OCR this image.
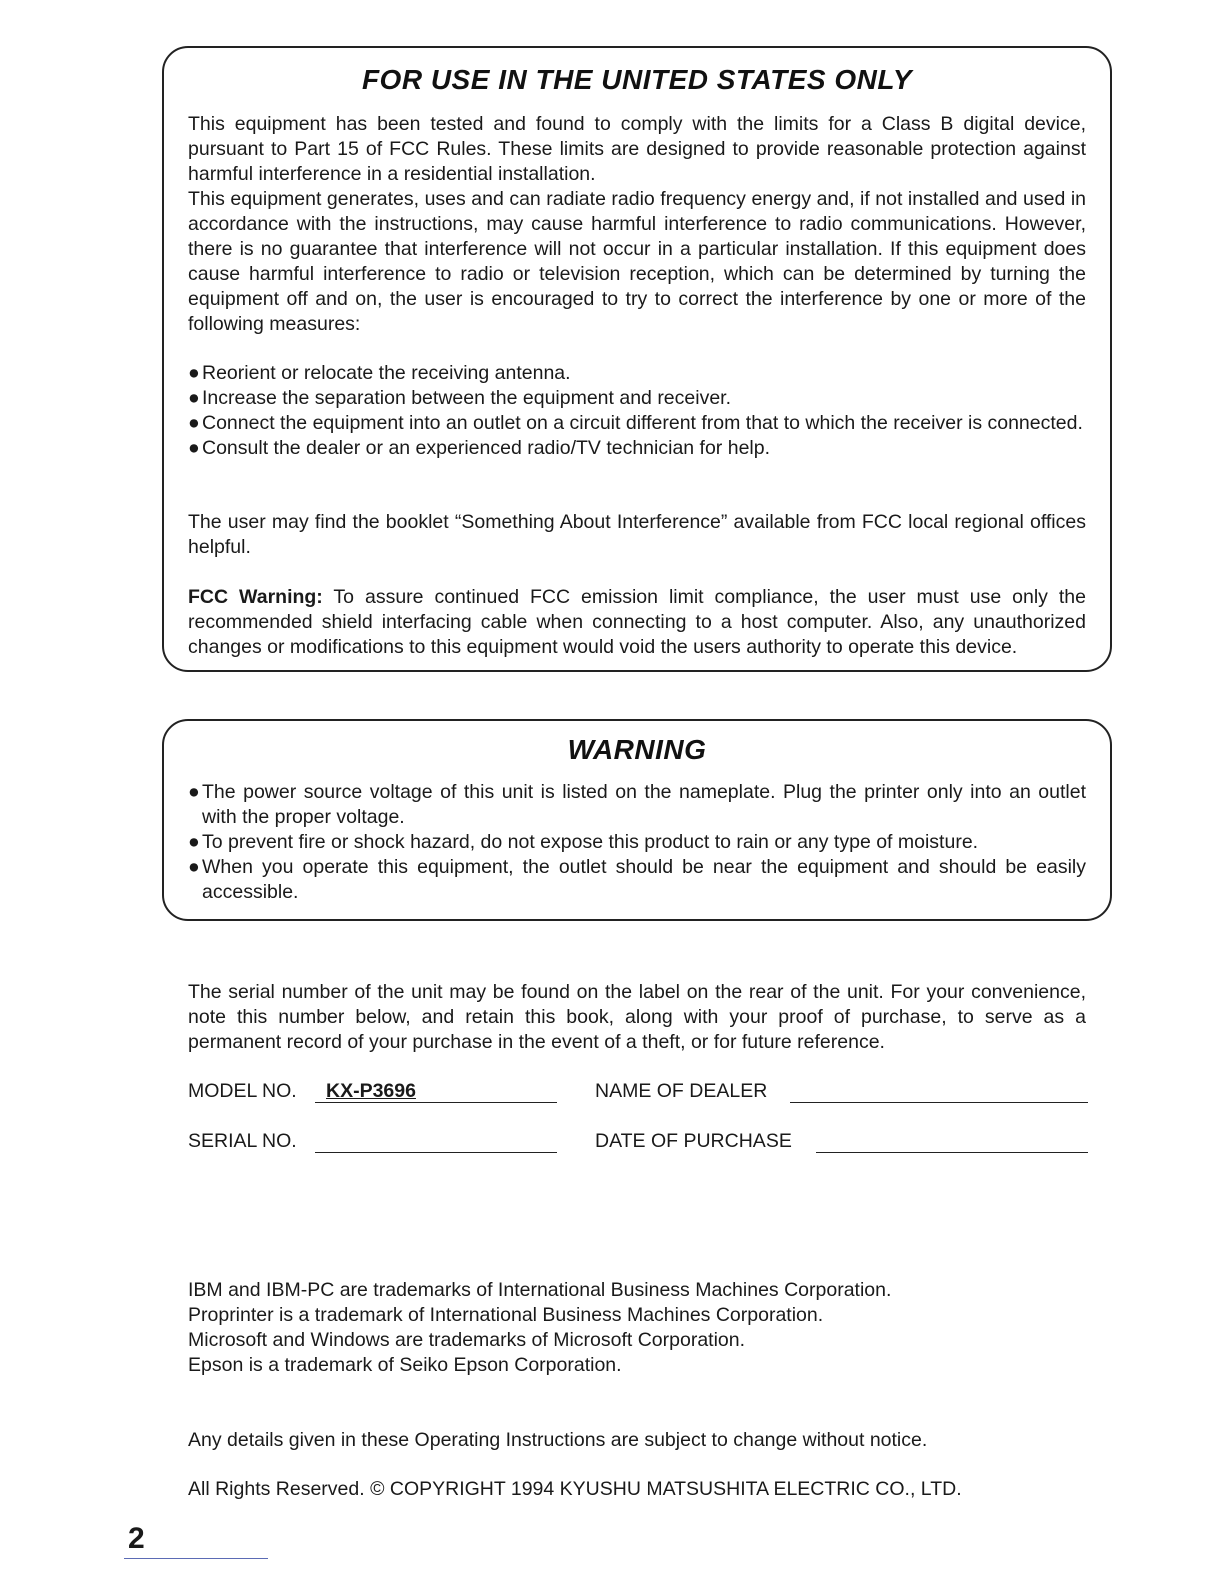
FOR USE IN THE UNITED STATES ONLY

This equipment has been tested and found to comply with the limits for a Class B digital device, pursuant to Part 15 of FCC Rules. These limits are designed to provide reasonable protection against harmful interference in a residential installation.

This equipment generates, uses and can radiate radio frequency energy and, if not installed and used in accordance with the instructions, may cause harmful interference to radio communications. However, there is no guarantee that interference will not occur in a particular installation. If this equipment does cause harmful interference to radio or television reception, which can be determined by turning the equipment off and on, the user is encouraged to try to correct the interference by one or more of the following measures:

● Reorient or relocate the receiving antenna.
● Increase the separation between the equipment and receiver.
● Connect the equipment into an outlet on a circuit different from that to which the receiver is connected.
● Consult the dealer or an experienced radio/TV technician for help.

The user may find the booklet “Something About Interference” available from FCC local regional offices helpful.

FCC Warning: To assure continued FCC emission limit compliance, the user must use only the recommended shield interfacing cable when connecting to a host computer. Also, any unauthorized changes or modifications to this equipment would void the users authority to operate this device.

WARNING
● The power source voltage of this unit is listed on the nameplate. Plug the printer only into an outlet with the proper voltage.
● To prevent fire or shock hazard, do not expose this product to rain or any type of moisture.
● When you operate this equipment, the outlet should be near the equipment and should be easily accessible.

The serial number of the unit may be found on the label on the rear of the unit. For your convenience, note this number below, and retain this book, along with your proof of purchase, to serve as a permanent record of your purchase in the event of a theft, or for future reference.

MODEL NO. KX-P3696	NAME OF DEALER
SERIAL NO.	DATE OF PURCHASE
IBM and IBM-PC are trademarks of International Business Machines Corporation.
Proprinter is a trademark of International Business Machines Corporation.
Microsoft and Windows are trademarks of Microsoft Corporation.
Epson is a trademark of Seiko Epson Corporation.
Any details given in these Operating Instructions are subject to change without notice.
All Rights Reserved. © COPYRIGHT 1994 KYUSHU MATSUSHITA ELECTRIC CO., LTD.
2
